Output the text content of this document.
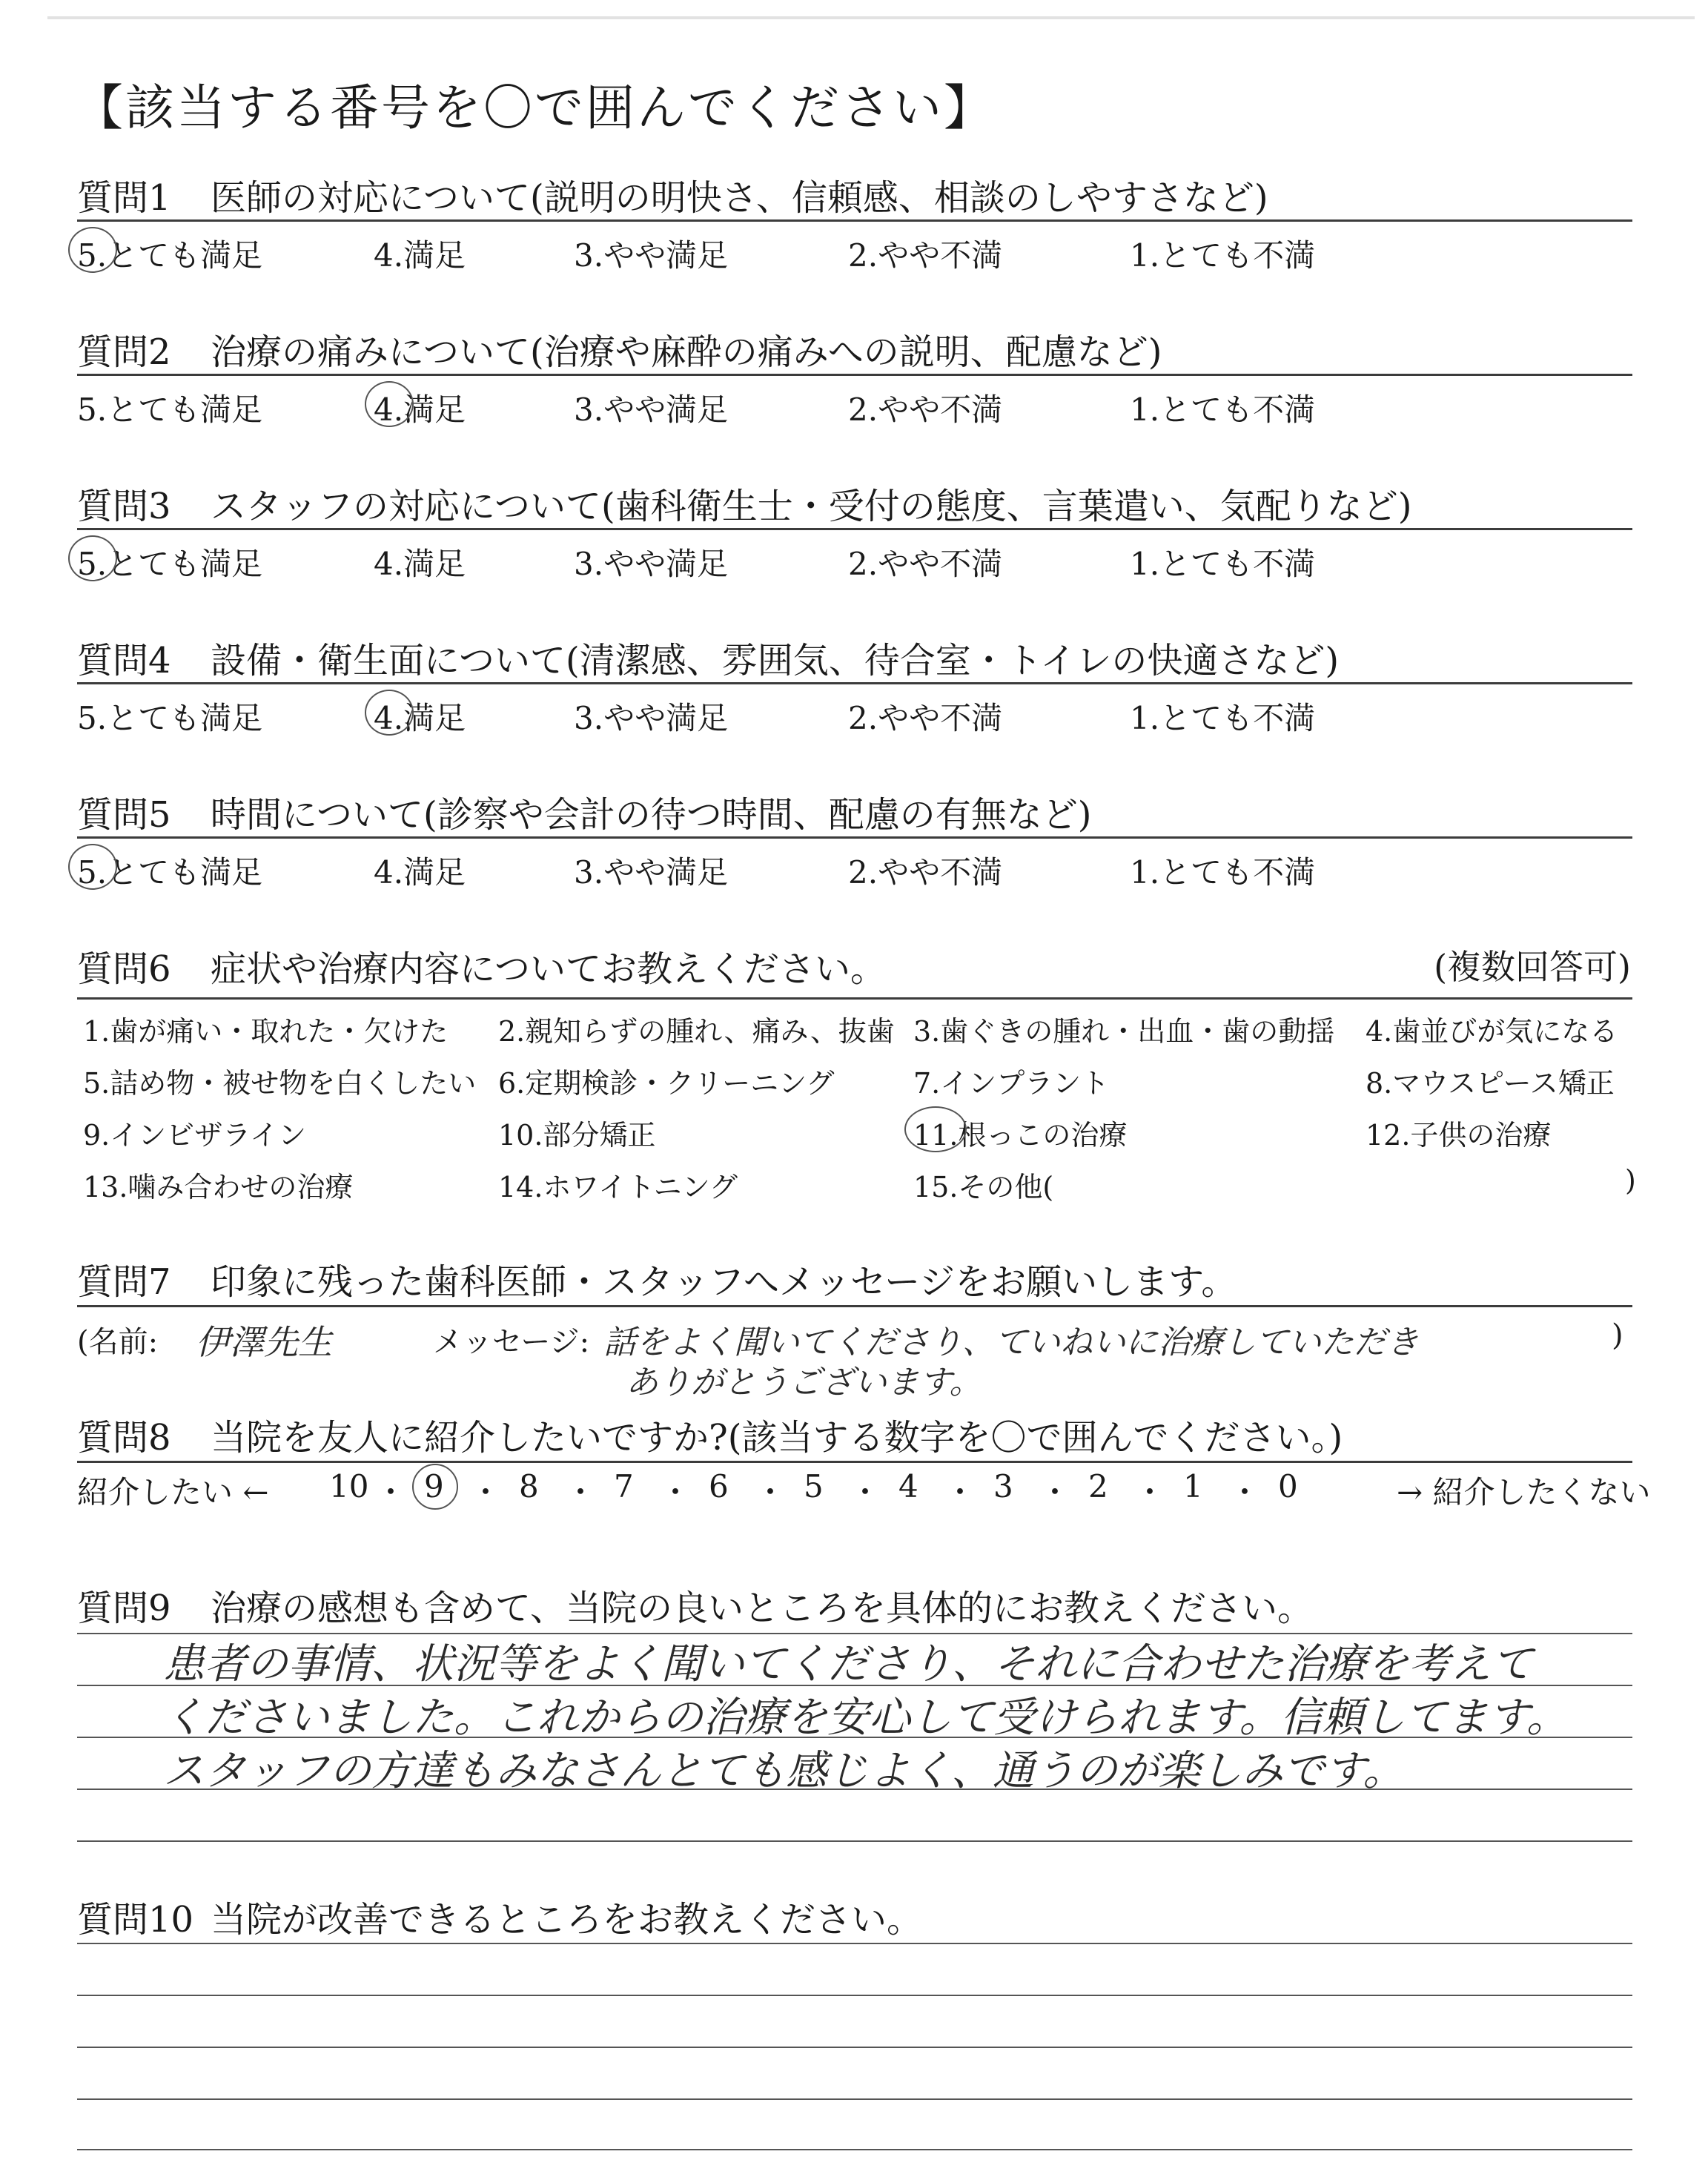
【該当する番号を〇で囲んでください】
質問1 医師の対応について(説明の明快さ、信頼感、相談のしやすさなど)
5.とても満足	4.満足	3.やや満足	2.やや不満	1.とても不満
質問2 治療の痛みについて(治療や麻酔の痛みへの説明、配慮など)
5.とても満足	4.満足	3.やや満足	2.やや不満	1.とても不満
質問3 スタッフの対応について(歯科衛生士・受付の態度、言葉遣い、気配りなど)
5.とても満足	4.満足	3.やや満足	2.やや不満	1.とても不満
質問4 設備・衛生面について(清潔感、雰囲気、待合室・トイレの快適さなど)
5.とても満足	4.満足	3.やや満足	2.やや不満	1.とても不満
質問5 時間について(診察や会計の待つ時間、配慮の有無など)
5.とても満足	4.満足	3.やや満足	2.やや不満	1.とても不満
質問6 症状や治療内容についてお教えください。	(複数回答可)
1.歯が痛い・取れた・欠けた 2.親知らずの腫れ、痛み、抜歯 3.歯ぐきの腫れ・出血・歯の動揺 4.歯並びが気になる
5.詰め物・被せ物を白くしたい 6.定期検診・クリーニング	7.インプラント	8.マウスピース矯正
9.インビザライン	10.部分矯正	11.根っこの治療	12.子供の治療
13.噛み合わせの治療	14.ホワイトニング	15.その他(	)
質問7 印象に残った歯科医師・スタッフへメッセージをお願いします。
(名前: 伊澤先生	メッセージ: 話をよく聞いてくださり、ていねいに治療していただき
ありがとうございます。
)
質問8 当院を友人に紹介したいですか?(該当する数字を〇で囲んでください。)
紹介したい ←	→ 紹介したくない
10 ・ 9 ・ 8 ・ 7 ・ 6 ・ 5 ・ 4 ・ 3 ・ 2 ・ 1 ・ 0
質問9 治療の感想も含めて、当院の良いところを具体的にお教えください。
患者の事情、状況等をよく聞いてくださり、それに合わせた治療を考えて
くださいました。これからの治療を安心して受けられます。信頼してます。
スタッフの方達もみなさんとても感じよく、通うのが楽しみです。
質問10 当院が改善できるところをお教えください。
